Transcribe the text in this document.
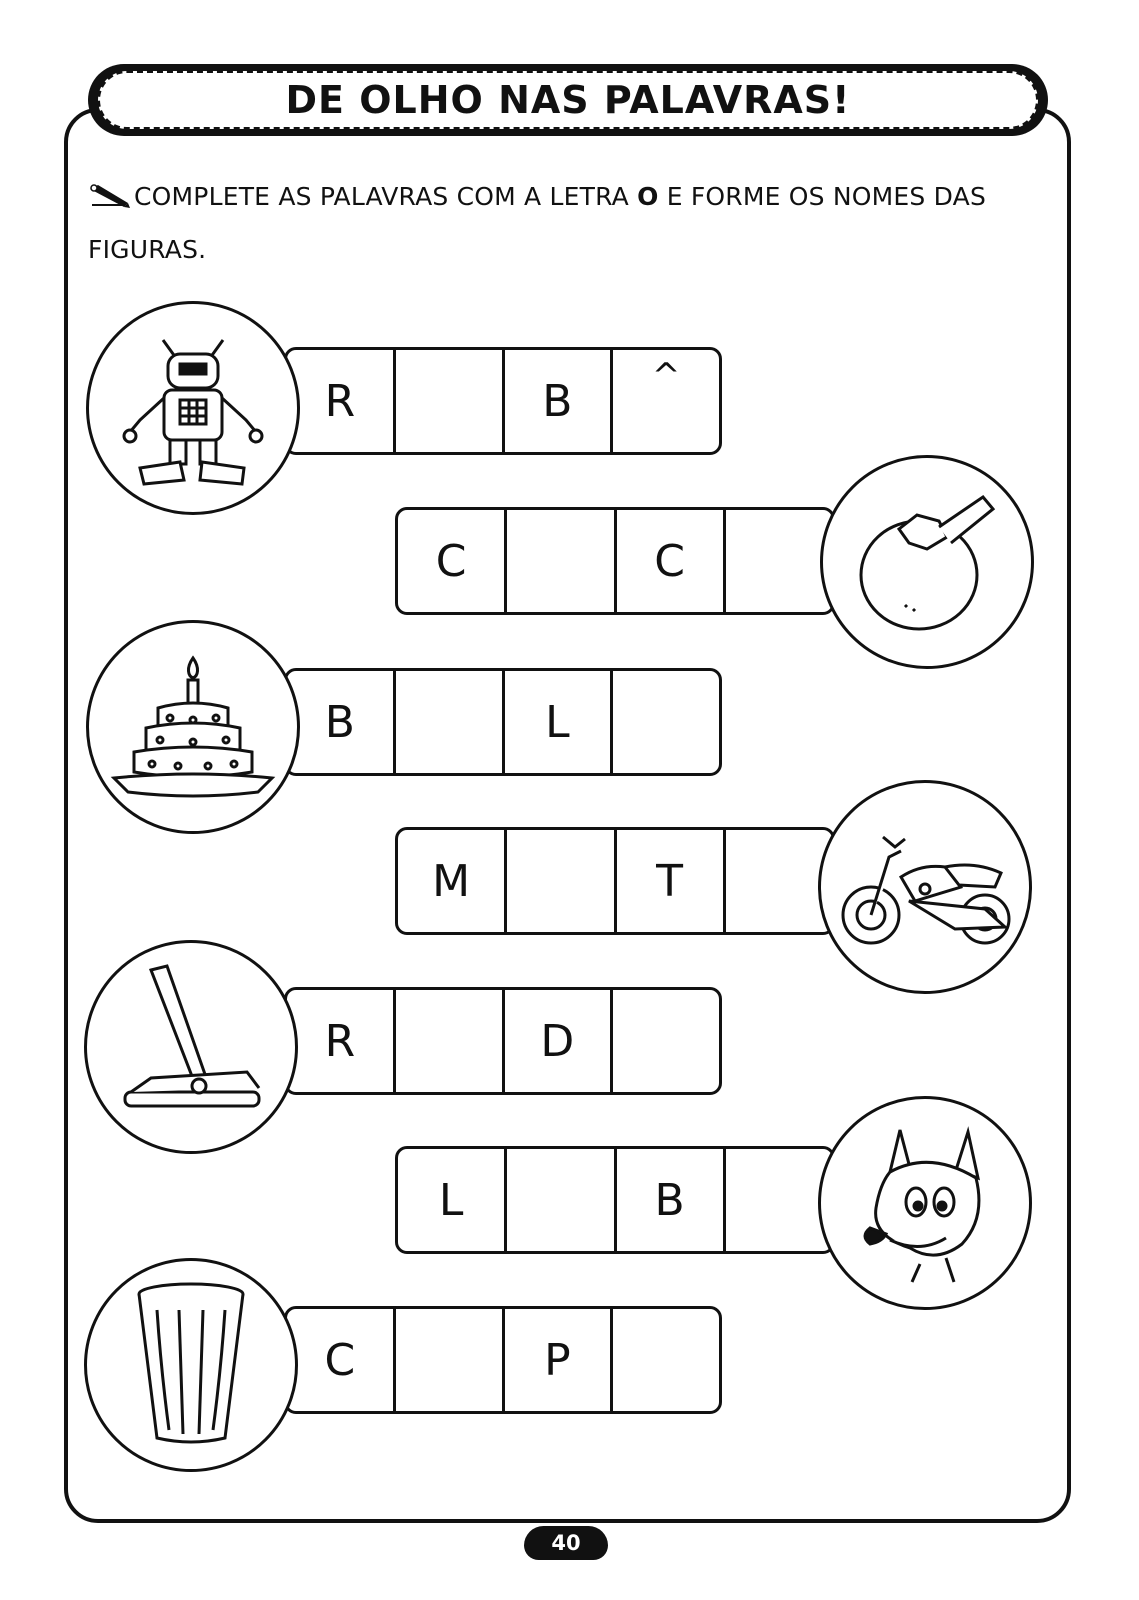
DE OLHO NAS PALAVRAS!
COMPLETE AS PALAVRAS COM A LETRA O E FORME OS NOMES DAS FIGURAS.
R	B	^
C	C
B	L
M	T
R	D
L	B
C	P
40
